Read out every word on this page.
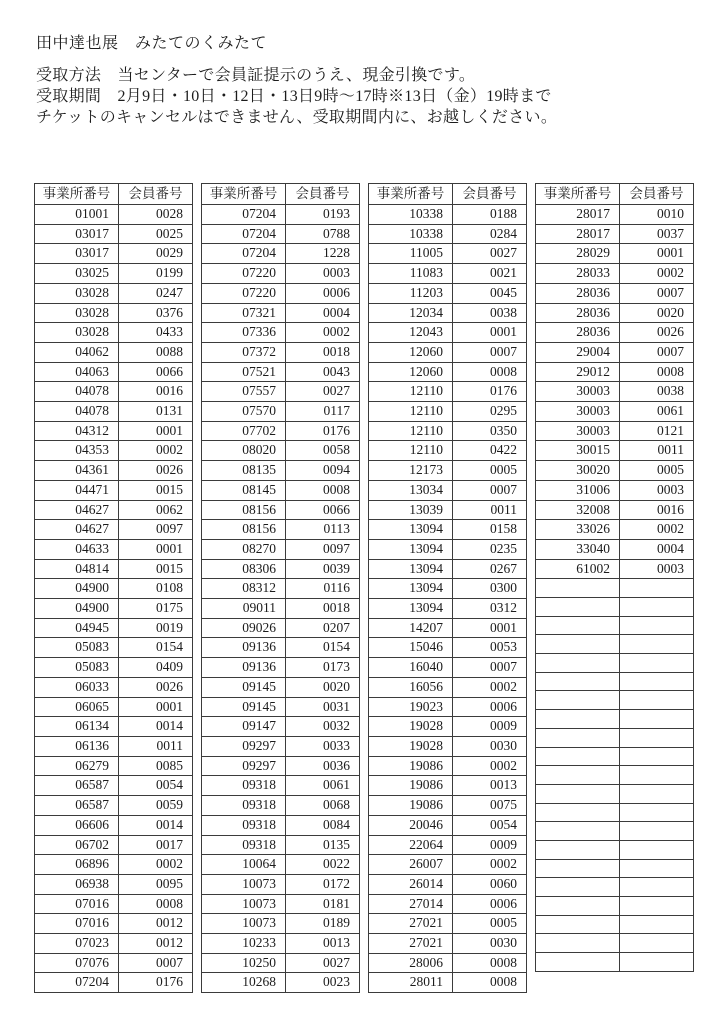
田中達也展　みたてのくみたて
受取方法　当センターで会員証提示のうえ、現金引換です。
受取期間　2月9日・10日・12日・13日9時～17時※13日（金）19時まで
チケットのキャンセルはできません、受取期間内に、お越しください。
事業所番号	会員番号
01001	0028
03017	0025
03017	0029
03025	0199
03028	0247
03028	0376
03028	0433
04062	0088
04063	0066
04078	0016
04078	0131
04312	0001
04353	0002
04361	0026
04471	0015
04627	0062
04627	0097
04633	0001
04814	0015
04900	0108
04900	0175
04945	0019
05083	0154
05083	0409
06033	0026
06065	0001
06134	0014
06136	0011
06279	0085
06587	0054
06587	0059
06606	0014
06702	0017
06896	0002
06938	0095
07016	0008
07016	0012
07023	0012
07076	0007
07204	0176
事業所番号	会員番号
07204	0193
07204	0788
07204	1228
07220	0003
07220	0006
07321	0004
07336	0002
07372	0018
07521	0043
07557	0027
07570	0117
07702	0176
08020	0058
08135	0094
08145	0008
08156	0066
08156	0113
08270	0097
08306	0039
08312	0116
09011	0018
09026	0207
09136	0154
09136	0173
09145	0020
09145	0031
09147	0032
09297	0033
09297	0036
09318	0061
09318	0068
09318	0084
09318	0135
10064	0022
10073	0172
10073	0181
10073	0189
10233	0013
10250	0027
10268	0023
事業所番号	会員番号
10338	0188
10338	0284
11005	0027
11083	0021
11203	0045
12034	0038
12043	0001
12060	0007
12060	0008
12110	0176
12110	0295
12110	0350
12110	0422
12173	0005
13034	0007
13039	0011
13094	0158
13094	0235
13094	0267
13094	0300
13094	0312
14207	0001
15046	0053
16040	0007
16056	0002
19023	0006
19028	0009
19028	0030
19086	0002
19086	0013
19086	0075
20046	0054
22064	0009
26007	0002
26014	0060
27014	0006
27021	0005
27021	0030
28006	0008
28011	0008
事業所番号	会員番号
28017	0010
28017	0037
28029	0001
28033	0002
28036	0007
28036	0020
28036	0026
29004	0007
29012	0008
30003	0038
30003	0061
30003	0121
30015	0011
30020	0005
31006	0003
32008	0016
33026	0002
33040	0004
61002	0003
